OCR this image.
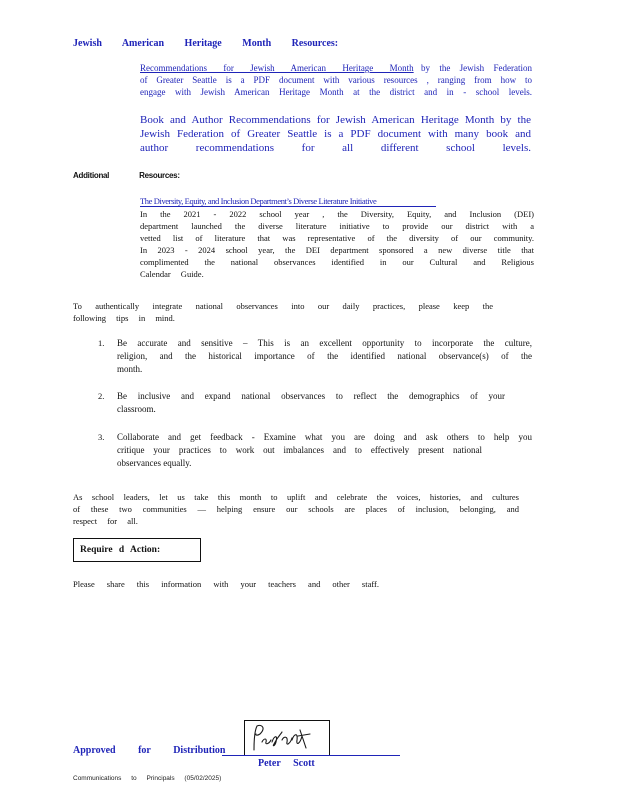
Jewish American Heritage Month Resources:
Recommendations for Jewish American Heritage Month by the Jewish Federation
of Greater Seattle is a PDF document with various resources , ranging from how to
engage with Jewish American Heritage Month at the district and in - school levels.
Book and Author Recommendations for Jewish American Heritage Month by the
Jewish Federation of Greater Seattle is a PDF document with many book and
author recommendations for all different school levels.
Additional	Resources:
The Diversity, Equity, and Inclusion Department’s Diverse Literature Initiative
In the 2021 - 2022 school year , the Diversity, Equity, and Inclusion (DEI)
department launched the diverse literature initiative to provide our district with a
vetted list of literature that was representative of the diversity of our community.
In 2023 - 2024 school year, the DEI department sponsored a new diverse title that
complimented the national observances identified in our Cultural and Religious
Calendar Guide.
To authentically integrate national observances into our daily practices, please keep the
following tips in mind.
1. Be accurate and sensitive – This is an excellent opportunity to incorporate the culture,
religion, and the historical importance of the identified national observance(s) of the
month.
2. Be inclusive and expand national observances to reflect the demographics of your
classroom.
3. Collaborate and get feedback - Examine what you are doing and ask others to help you
critique your practices to work out imbalances and to effectively present national
observances equally.
As school leaders, let us take this month to uplift and celebrate the voices, histories, and cultures
of these two communities — helping ensure our schools are places of inclusion, belonging, and
respect for all.
Require d Action:
Please share this information with your teachers and other staff.
Approved for Distribution
Peter Scott
Communications to Principals (05/02/2025)
